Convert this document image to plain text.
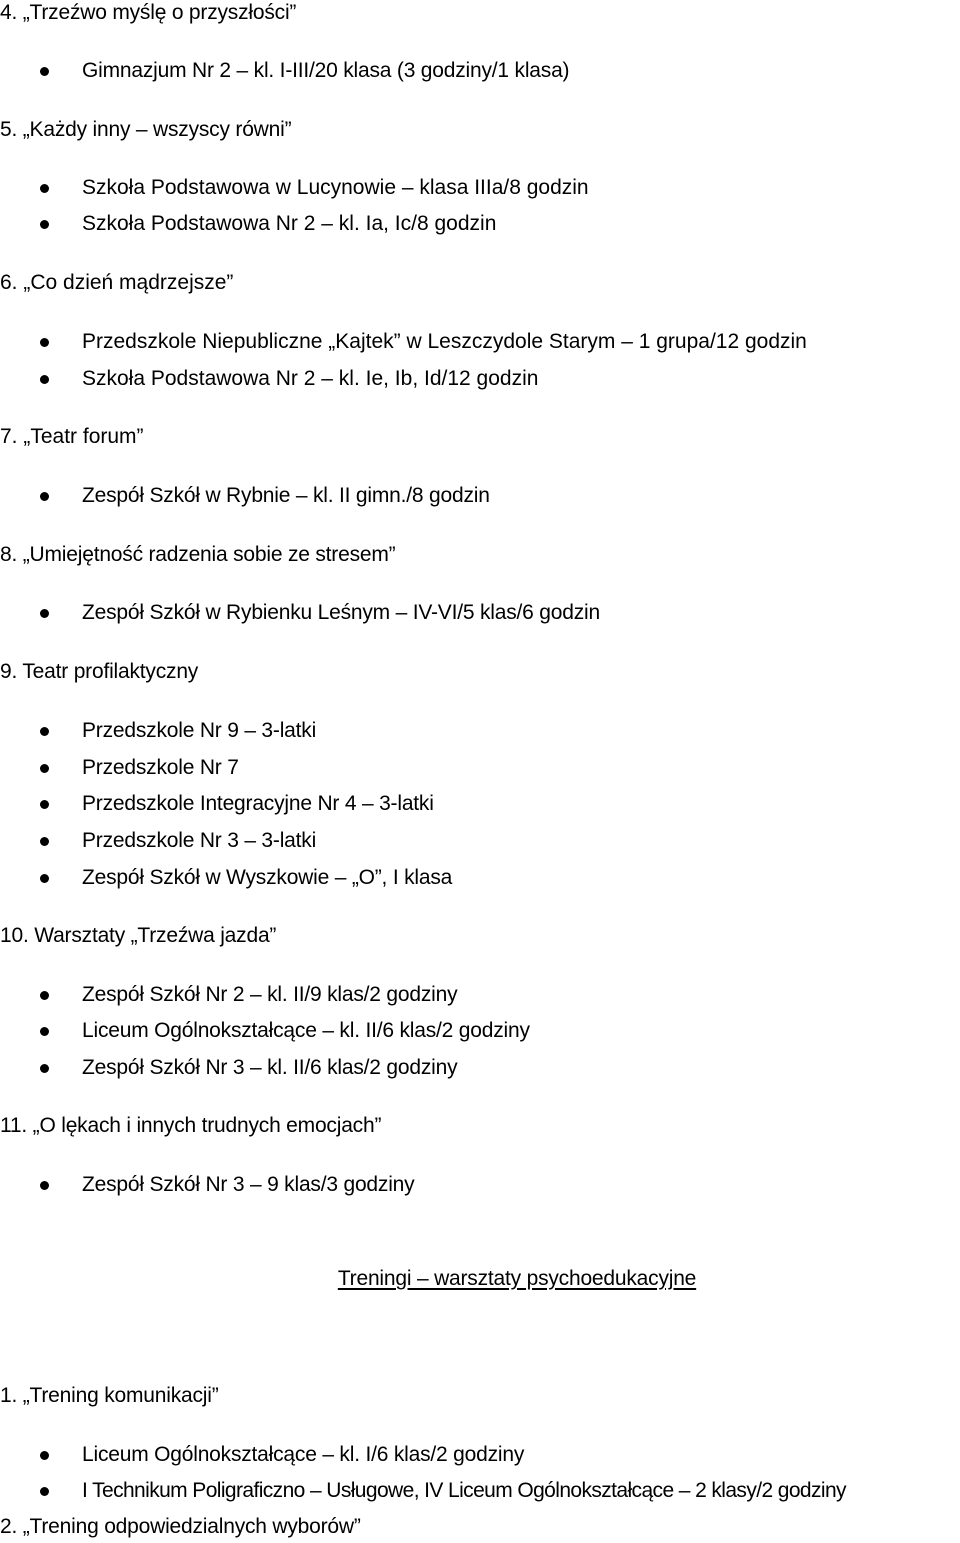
4. „Trzeźwo myślę o przyszłości”
Gimnazjum Nr 2 – kl. I-III/20 klasa (3 godziny/1 klasa)
5. „Każdy inny – wszyscy równi”
Szkoła Podstawowa w Lucynowie – klasa IIIa/8 godzin
Szkoła Podstawowa Nr 2 – kl. Ia, Ic/8 godzin
6. „Co dzień mądrzejsze”
Przedszkole Niepubliczne „Kajtek” w Leszczydole Starym – 1 grupa/12 godzin
Szkoła Podstawowa Nr 2 – kl. Ie, Ib, Id/12 godzin
7. „Teatr forum”
Zespół Szkół w Rybnie – kl. II gimn./8 godzin
8. „Umiejętność radzenia sobie ze stresem”
Zespół Szkół w Rybienku Leśnym – IV-VI/5 klas/6 godzin
9. Teatr profilaktyczny
Przedszkole Nr 9 – 3-latki
Przedszkole Nr 7
Przedszkole Integracyjne Nr 4 – 3-latki
Przedszkole Nr 3 – 3-latki
Zespół Szkół w Wyszkowie – „O”, I klasa
10. Warsztaty „Trzeźwa jazda”
Zespół Szkół Nr 2 – kl. II/9 klas/2 godziny
Liceum Ogólnokształcące – kl. II/6 klas/2 godziny
Zespół Szkół Nr 3 – kl. II/6 klas/2 godziny
11. „O lękach i innych trudnych emocjach”
Zespół Szkół Nr 3 – 9 klas/3 godziny
Treningi – warsztaty psychoedukacyjne
1. „Trening komunikacji”
Liceum Ogólnokształcące – kl. I/6 klas/2 godziny
I Technikum Poligraficzno – Usługowe, IV Liceum Ogólnokształcące – 2 klasy/2 godziny
2. „Trening odpowiedzialnych wyborów”
